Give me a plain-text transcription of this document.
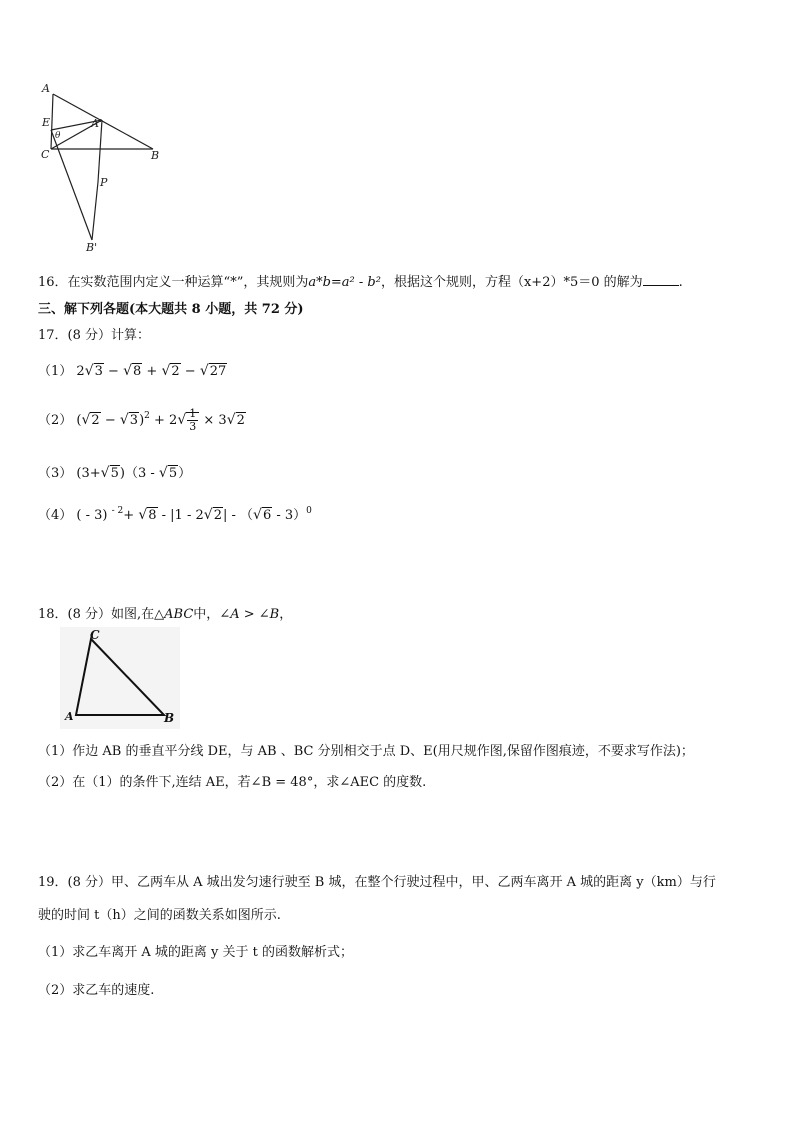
A
E	A'
C
θ
B
P
B'
16．在实数范围内定义一种运算“*”，其规则为a*b=a² - b²，根据这个规则，方程（x+2）*5＝0 的解为	.
三、解下列各题(本大题共 8 小题，共 72 分)
17．(8 分）计算：
（1） 2√3 − √8 + √2 − √27
（2） $(√2 - √3)^2 + 2√ \frac{1}{3} \times 3√2$
（3） (3+√5)（3 - √5）
（4） ( - 3) $^{- 2}$+ √8 - |1 - 2√2| - （√6 - 3）$^0$
18．(8 分）如图,在△ABC中，∠A > ∠B，
C
A	B
（1）作边 AB 的垂直平分线 DE，与 AB 、BC 分别相交于点 D、E(用尺规作图,保留作图痕迹，不要求写作法)；
（2）在（1）的条件下,连结 AE，若∠B = 48°，求∠AEC 的度数.
19．(8 分）甲、乙两车从 A 城出发匀速行驶至 B 城，在整个行驶过程中，甲、乙两车离开 A 城的距离 y（km）与行
驶的时间 t（h）之间的函数关系如图所示.
（1）求乙车离开 A 城的距离 y 关于 t 的函数解析式；
（2）求乙车的速度.
